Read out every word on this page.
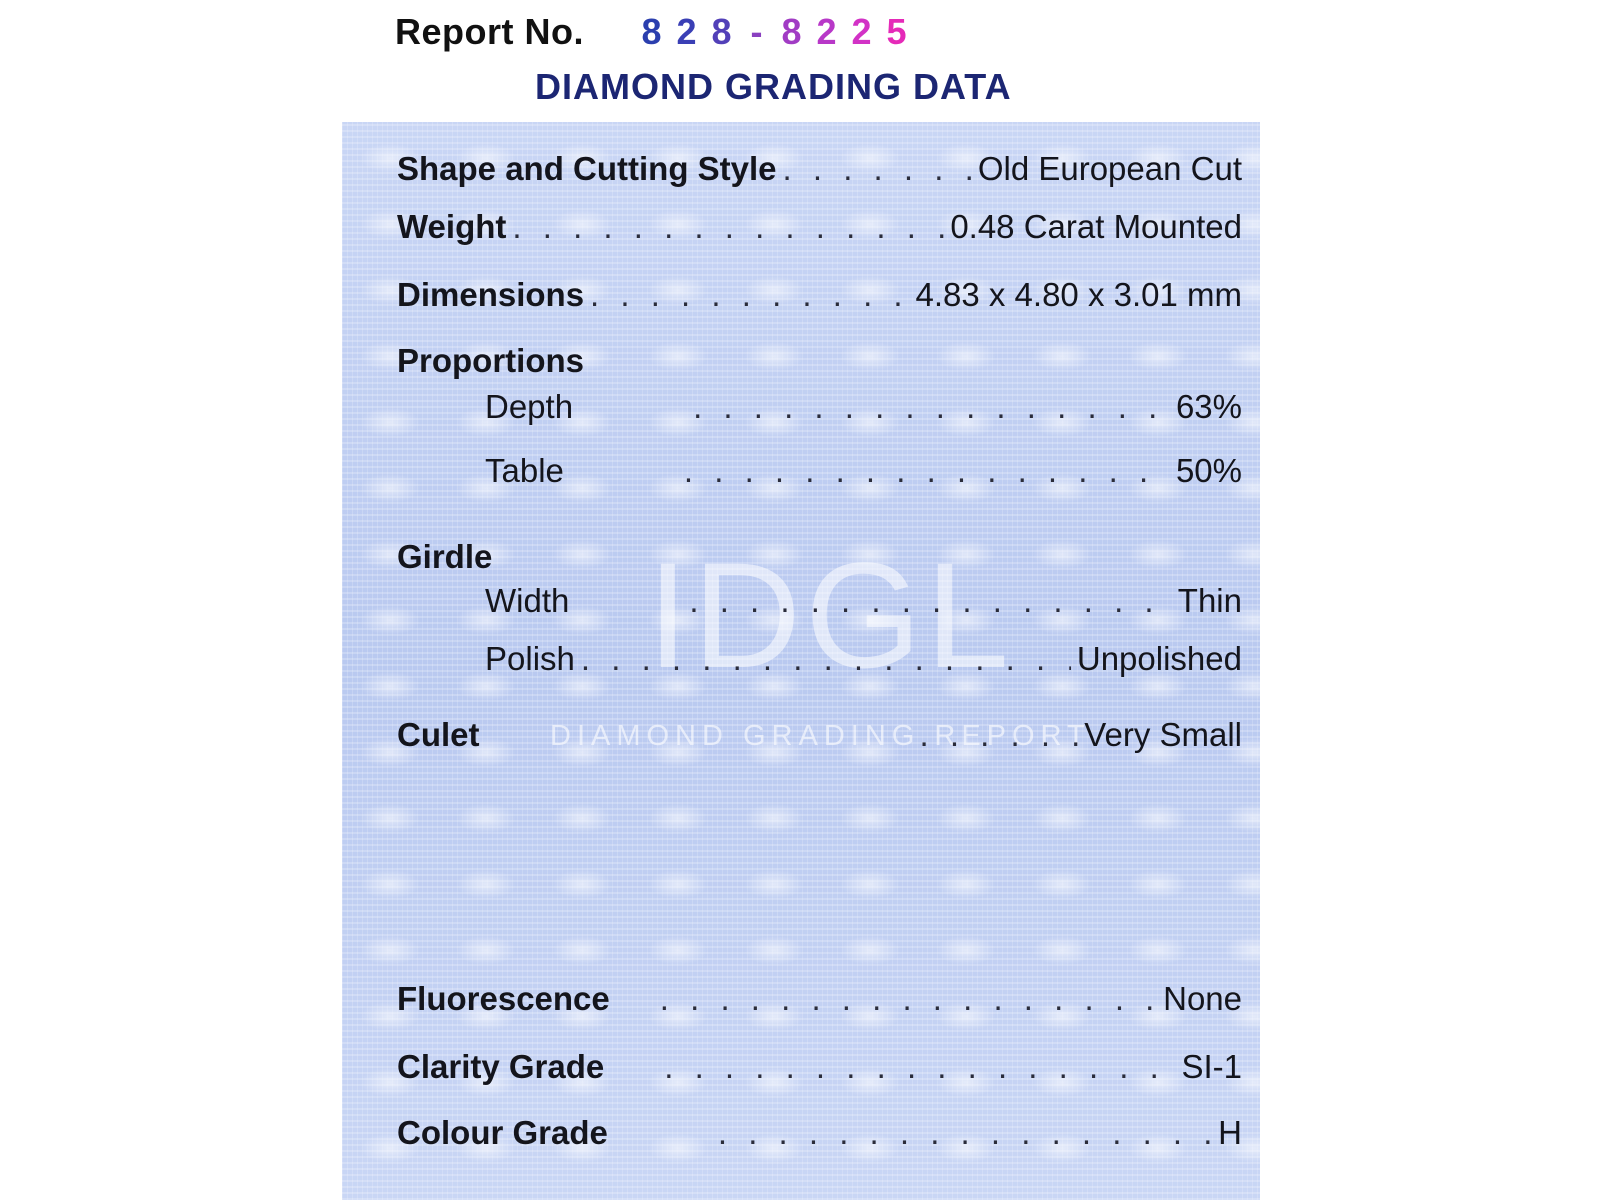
Report No. 8 2 8 - 8 2 2 5
DIAMOND GRADING DATA
IDGL
DIAMOND GRADING REPORT
Shape and Cutting Style . . .	Old European Cut
Weight . . .	0.48 Carat Mounted
Dimensions . . .	4.83 x 4.80 x 3.01 mm
Proportions
Depth . . .	63%
Table . . .	50%
Girdle
Width . . .	Thin
Polish . . .	Unpolished
Culet . . .	Very Small
Fluorescence . . .	None
Clarity Grade . . .	SI-1
Colour Grade . . .	H
